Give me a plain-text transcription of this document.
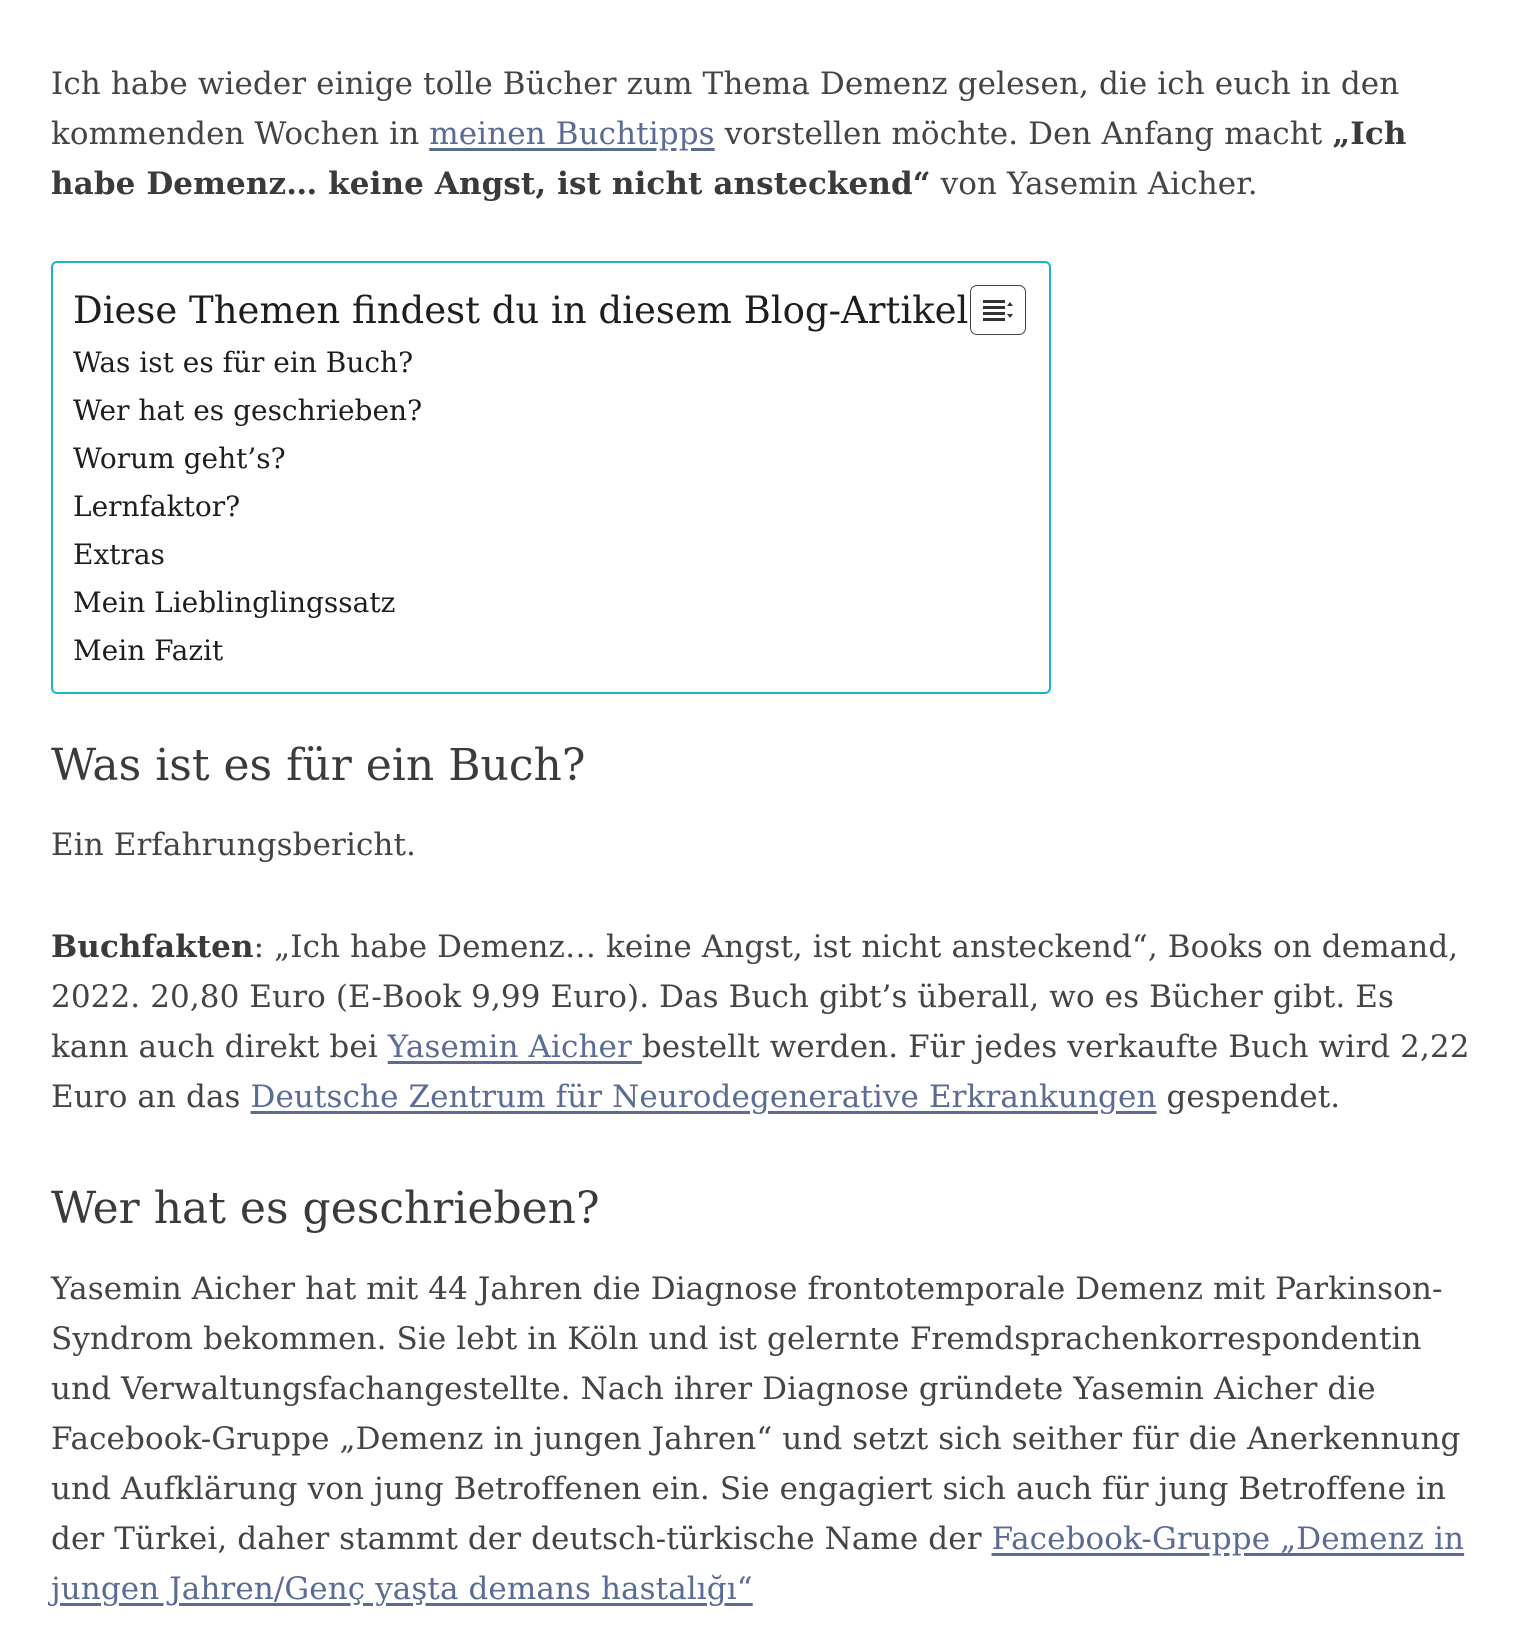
Ich habe wieder einige tolle Bücher zum Thema Demenz gelesen, die ich euch in den kommenden Wochen in meinen Buchtipps vorstellen möchte. Den Anfang macht „Ich habe Demenz… keine Angst, ist nicht ansteckend“ von Yasemin Aicher.

Diese Themen findest du in diesem Blog-Artikel
Was ist es für ein Buch?
Wer hat es geschrieben?
Worum geht’s?
Lernfaktor?
Extras
Mein Lieblinglingssatz
Mein Fazit
Was ist es für ein Buch?

Ein Erfahrungsbericht.

Buchfakten: „Ich habe Demenz… keine Angst, ist nicht ansteckend“, Books on demand, 2022. 20,80 Euro (E-Book 9,99 Euro). Das Buch gibt’s überall, wo es Bücher gibt. Es kann auch direkt bei Yasemin Aicher bestellt werden. Für jedes verkaufte Buch wird 2,22 Euro an das Deutsche Zentrum für Neurodegenerative Erkrankungen gespendet.

Wer hat es geschrieben?

Yasemin Aicher hat mit 44 Jahren die Diagnose frontotemporale Demenz mit Parkinson-Syndrom bekommen. Sie lebt in Köln und ist gelernte Fremdsprachenkorrespondentin und Verwaltungsfachangestellte. Nach ihrer Diagnose gründete Yasemin Aicher die Facebook-Gruppe „Demenz in jungen Jahren“ und setzt sich seither für die Anerkennung und Aufklärung von jung Betroffenen ein. Sie engagiert sich auch für jung Betroffene in der Türkei, daher stammt der deutsch-türkische Name der Facebook-Gruppe „Demenz in jungen Jahren/Genç yaşta demans hastalığı“
